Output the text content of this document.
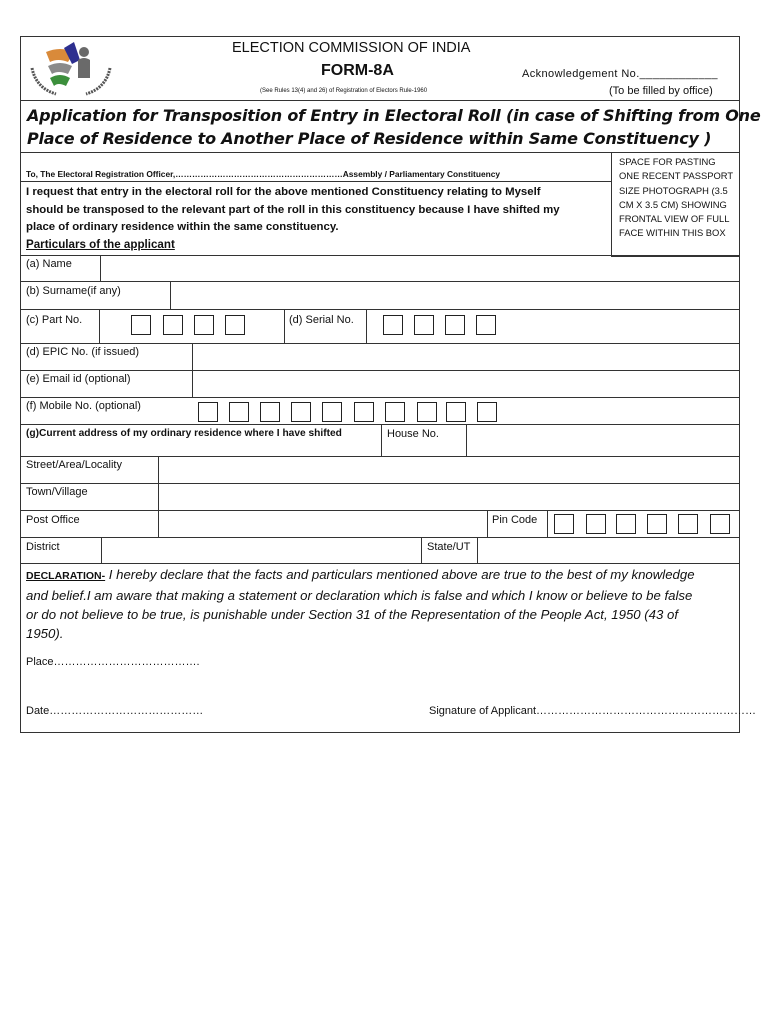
ELECTION COMMISSION OF INDIA
FORM-8A
(See Rules 13(4) and 26) of Registration of Electors Rule-1960
Acknowledgement No.____________
(To be filled by office)
Application for Transposition of Entry in Electoral Roll (in case of Shifting from One
Place of Residence to Another Place of Residence within Same Constituency )
SPACE FOR PASTING
ONE RECENT PASSPORT
SIZE PHOTOGRAPH (3.5
CM X 3.5 CM) SHOWING
FRONTAL VIEW OF FULL
FACE WITHIN THIS BOX
To, The Electoral Registration Officer,……………………………………………………Assembly / Parliamentary Constituency
I request that entry in the electoral roll for the above mentioned Constituency relating to Myself
should be transposed to the relevant part of the roll in this constituency because I have shifted my
place of ordinary residence within the same constituency.
Particulars of the applicant
(a) Name
(b) Surname(if any)
(c) Part No.	(d) Serial No.
(d) EPIC No. (if issued)
(e) Email id (optional)
(f) Mobile No. (optional)
(g)Current address of my ordinary residence where I have shifted	House No.
Street/Area/Locality
Town/Village
Post Office	Pin Code
District	State/UT
DECLARATION- I hereby declare that the facts and particulars mentioned above are true to the best of my knowledge
and belief.I am aware that making a statement or declaration which is false and which I know or believe to be false
or do not believe to be true, is punishable under Section 31 of the Representation of the People Act, 1950 (43 of
1950).
Place………………………………….
Date……………………………………	Signature of Applicant……………………………………………………
